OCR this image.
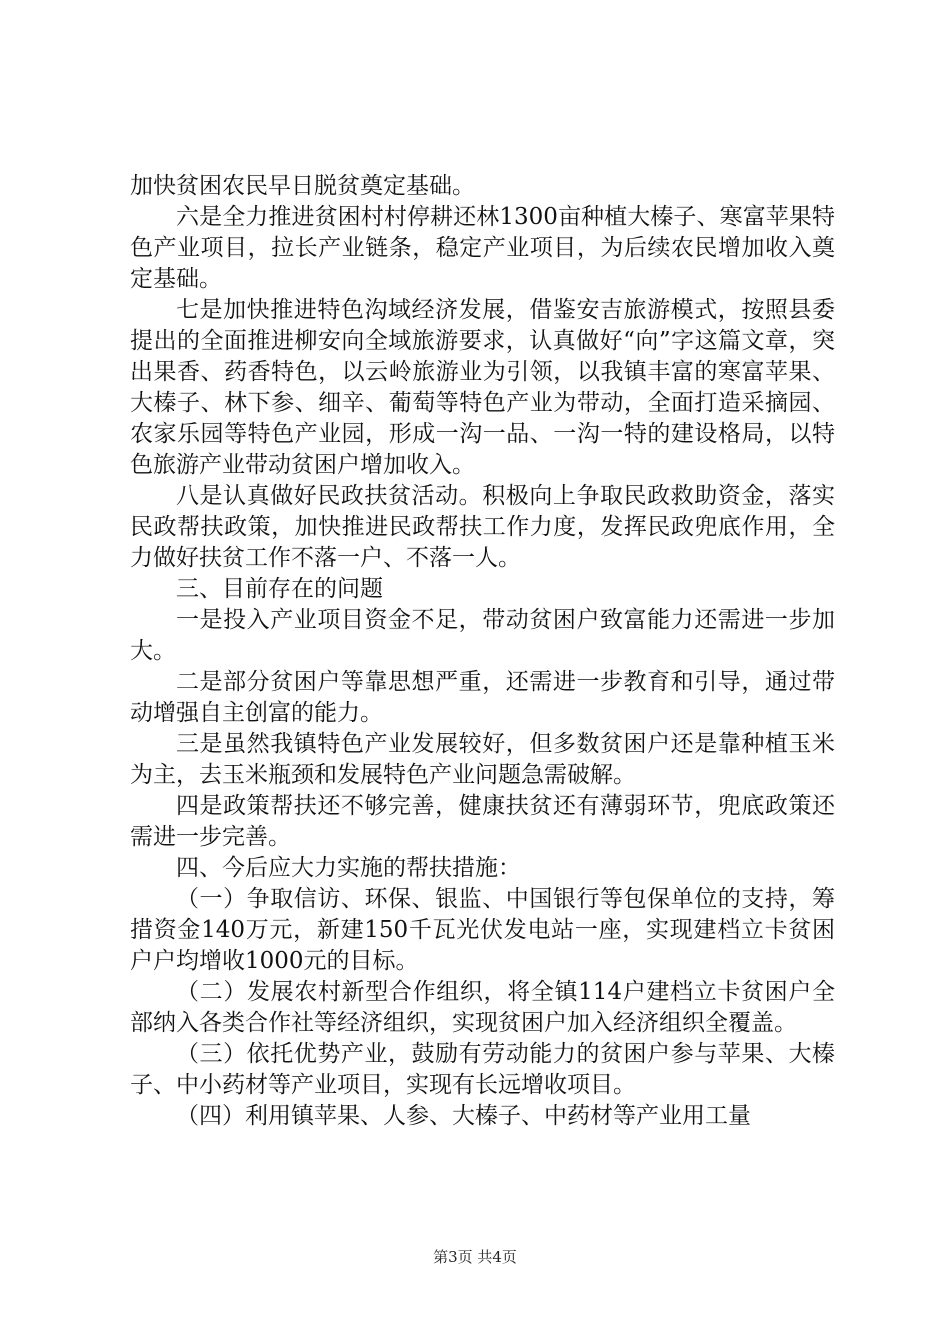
加快贫困农民早日脱贫奠定基础。

六是全力推进贫困村村停耕还林1300亩种植大榛子、寒富苹果特色产业项目，拉长产业链条，稳定产业项目，为后续农民增加收入奠定基础。

七是加快推进特色沟域经济发展，借鉴安吉旅游模式，按照县委提出的全面推进柳安向全域旅游要求，认真做好“向”字这篇文章，突出果香、药香特色，以云岭旅游业为引领，以我镇丰富的寒富苹果、大榛子、林下参、细辛、葡萄等特色产业为带动，全面打造采摘园、农家乐园等特色产业园，形成一沟一品、一沟一特的建设格局，以特色旅游产业带动贫困户增加收入。

八是认真做好民政扶贫活动。积极向上争取民政救助资金，落实民政帮扶政策，加快推进民政帮扶工作力度，发挥民政兜底作用，全力做好扶贫工作不落一户、不落一人。

三、目前存在的问题

一是投入产业项目资金不足，带动贫困户致富能力还需进一步加大。

二是部分贫困户等靠思想严重，还需进一步教育和引导，通过带动增强自主创富的能力。

三是虽然我镇特色产业发展较好，但多数贫困户还是靠种植玉米为主，去玉米瓶颈和发展特色产业问题急需破解。

四是政策帮扶还不够完善，健康扶贫还有薄弱环节，兜底政策还需进一步完善。

四、今后应大力实施的帮扶措施：

（一）争取信访、环保、银监、中国银行等包保单位的支持，筹措资金140万元，新建150千瓦光伏发电站一座，实现建档立卡贫困户户均增收1000元的目标。

（二）发展农村新型合作组织，将全镇114户建档立卡贫困户全部纳入各类合作社等经济组织，实现贫困户加入经济组织全覆盖。

（三）依托优势产业，鼓励有劳动能力的贫困户参与苹果、大榛子、中小药材等产业项目，实现有长远增收项目。

（四）利用镇苹果、人参、大榛子、中药材等产业用工量

第3页 共4页
